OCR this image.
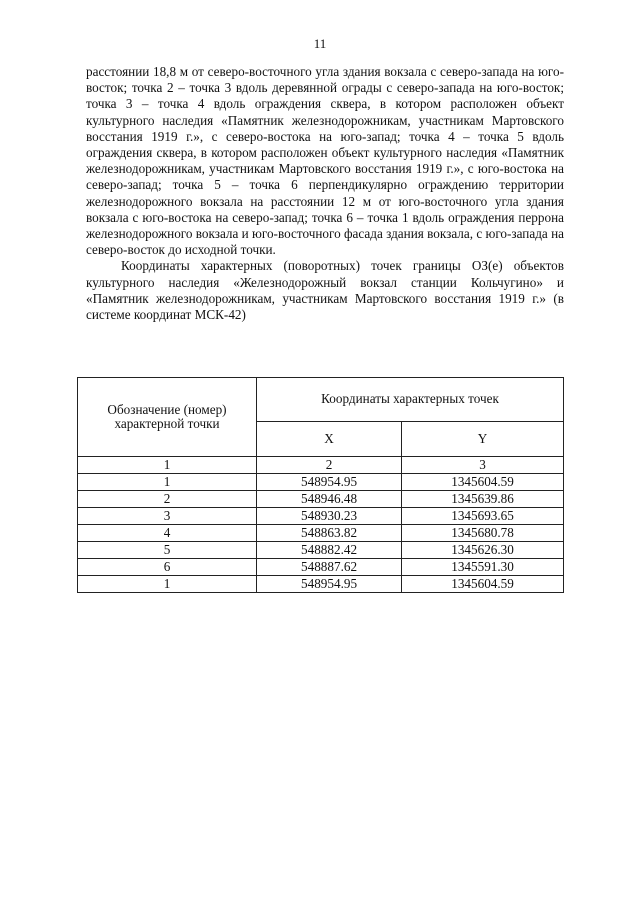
11

расстоянии 18,8 м от северо-восточного угла здания вокзала с северо-запада на юго-восток; точка 2 – точка 3 вдоль деревянной ограды с северо-запада на юго-восток; точка 3 – точка 4 вдоль ограждения сквера, в котором расположен объект культурного наследия «Памятник железнодорожникам, участникам Мартовского восстания 1919 г.», с северо-востока на юго-запад; точка 4 – точка 5 вдоль ограждения сквера, в котором расположен объект культурного наследия «Памятник железнодорожникам, участникам Мартовского восстания 1919 г.», с юго-востока на северо-запад; точка 5 – точка 6 перпендикулярно ограждению территории железнодорожного вокзала на расстоянии 12 м от юго-восточного угла здания вокзала с юго-востока на северо-запад; точка 6 – точка 1 вдоль ограждения перрона железнодорожного вокзала и юго-восточного фасада здания вокзала, с юго-запада на северо-восток до исходной точки.

Координаты характерных (поворотных) точек границы ОЗ(е) объектов культурного наследия «Железнодорожный вокзал станции Кольчугино» и «Памятник железнодорожникам, участникам Мартовского восстания 1919 г.» (в системе координат МСК-42)

Обозначение (номер) характерной точки	Координаты характерных точек	
	X	Y
1	2	3
1	548954.95	1345604.59
2	548946.48	1345639.86
3	548930.23	1345693.65
4	548863.82	1345680.78
5	548882.42	1345626.30
6	548887.62	1345591.30
1	548954.95	1345604.59
